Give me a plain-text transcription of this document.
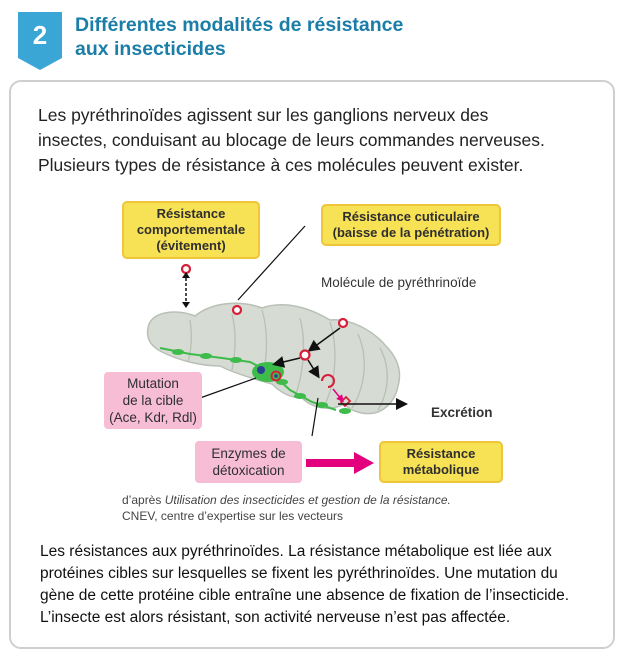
2	Différentes modalités de résistance
aux insecticides
Les pyréthrinoïdes agissent sur les ganglions nerveux des
insectes, conduisant au blocage de leurs commandes nerveuses.
Plusieurs types de résistance à ces molécules peuvent exister.
Résistance
comportementale
(évitement)
Résistance cuticulaire
(baisse de la pénétration)
Molécule de pyréthrinoïde
Mutation
de la cible
(Ace, Kdr, Rdl)	Excrétion
Enzymes de
détoxication
Résistance
métabolique
d’après Utilisation des insecticides et gestion de la résistance.
CNEV, centre d’expertise sur les vecteurs
Les résistances aux pyréthrinoïdes. La résistance métabolique est liée aux
protéines cibles sur lesquelles se fixent les pyréthrinoïdes. Une mutation du
gène de cette protéine cible entraîne une absence de fixation de l’insecticide.
L’insecte est alors résistant, son activité nerveuse n’est pas affectée.
